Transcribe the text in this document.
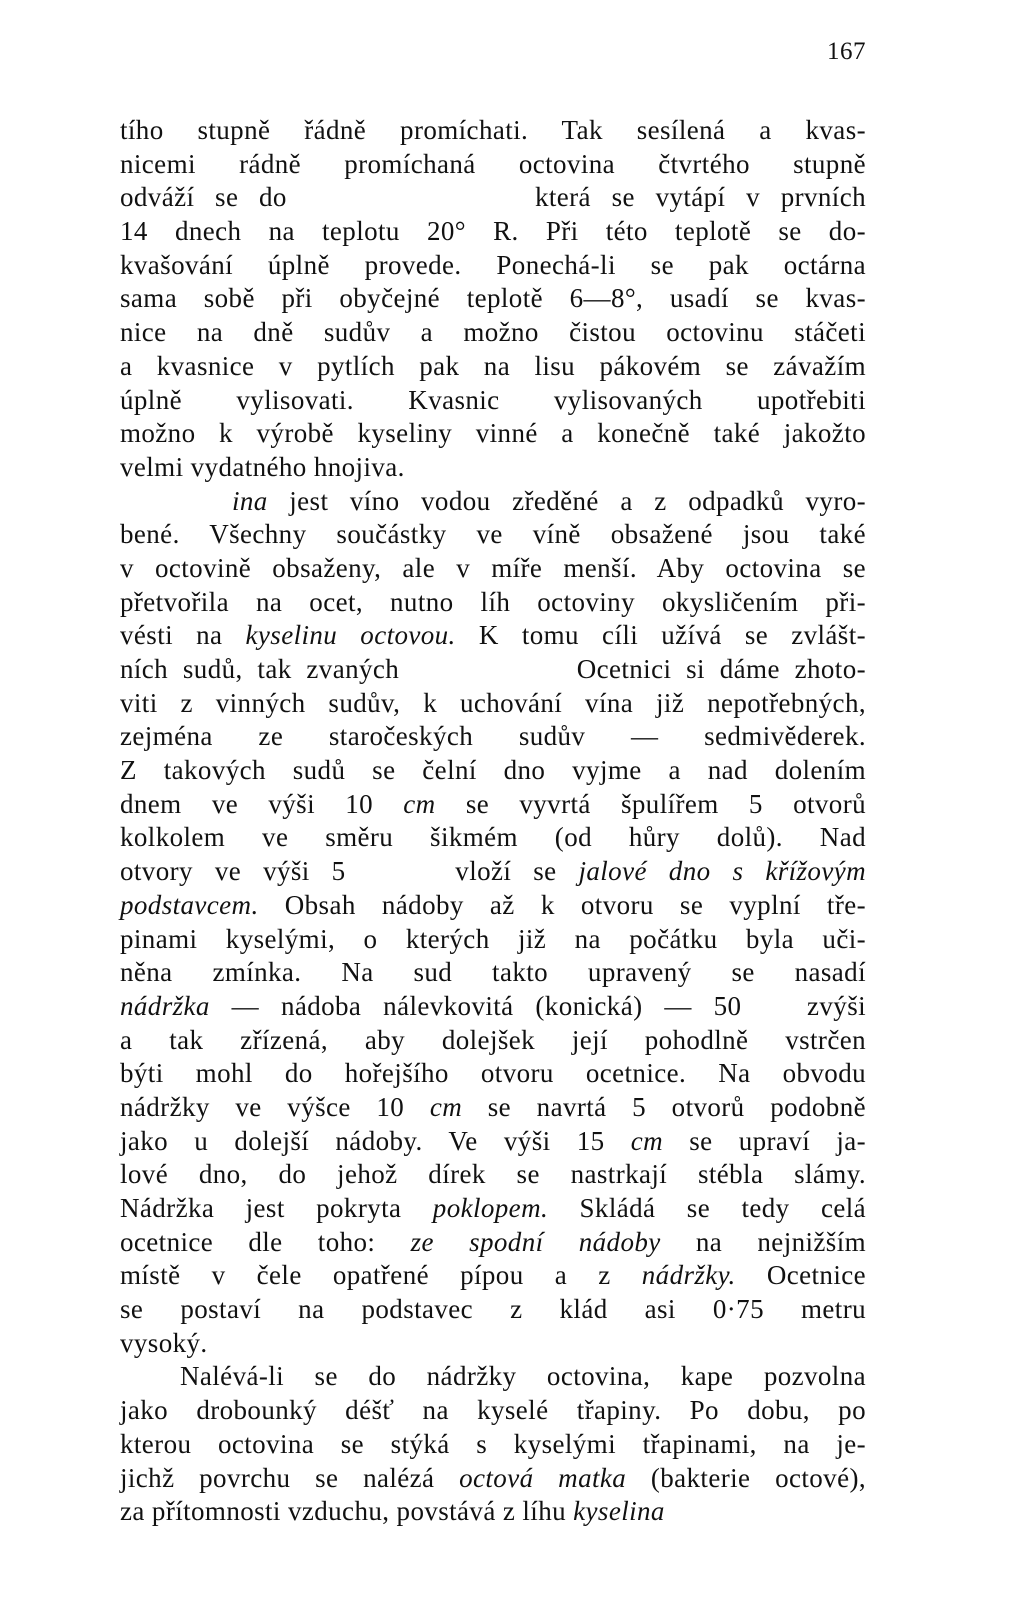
167
tího stupně řádně promíchati. Tak sesílená a kvas-
nicemi rádně promíchaná octovina čtvrtého stupně
odváží se do            která se vytápí v prvních
14 dnech na teplotu 20° R. Při této teplotě se do-
kvašování úplně provede. Ponechá-li se pak octárna
sama sobě při obyčejné teplotě 6—8°, usadí se kvas-
nice na dně sudův a možno čistou octovinu stáčeti
a kvasnice v pytlích pak na lisu pákovém se závažím
úplně vylisovati. Kvasnic vylisovaných upotřebiti
možno k výrobě kyseliny vinné a konečně také jakožto
velmi vydatného hnojiva.
ina jest víno vodou zředěné a z odpadků vyro-
bené. Všechny součástky ve víně obsažené jsou také
v octovině obsaženy, ale v míře menší. Aby octovina se
přetvořila na ocet, nutno líh octoviny okysličením při-
vésti na kyselinu octovou. K tomu cíli užívá se zvlášt-
ních sudů, tak zvaných            Ocetnici si dáme zhoto-
viti z vinných sudův, k uchování vína již nepotřebných,
zejména ze staročeských sudův — sedmivěderek.
Z takových sudů se čelní dno vyjme a nad dolením
dnem ve výši 10 cm se vyvrtá špulířem 5 otvorů
kolkolem ve směru šikmém (od hůry dolů). Nad
otvory ve výši 5     vloží se jalové dno s křížovým
podstavcem. Obsah nádoby až k otvoru se vyplní tře-
pinami kyselými, o kterých již na počátku byla uči-
něna zmínka. Na sud takto upravený se nasadí
nádržka — nádoba nálevkovitá (konická) — 50   zvýši
a tak zřízená, aby dolejšek její pohodlně vstrčen
býti mohl do hořejšího otvoru ocetnice. Na obvodu
nádržky ve výšce 10 cm se navrtá 5 otvorů podobně
jako u dolejší nádoby. Ve výši 15 cm se upraví ja-
lové dno, do jehož dírek se nastrkají stébla slámy.
Nádržka jest pokryta poklopem. Skládá se tedy celá
ocetnice dle toho: ze spodní nádoby na nejnižším
místě v čele opatřené pípou a z nádržky. Ocetnice
se postaví na podstavec z klád asi 0·75 metru
vysoký.
Nalévá-li se do nádržky octovina, kape pozvolna
jako drobounký déšť na kyselé třapiny. Po dobu, po
kterou octovina se stýká s kyselými třapinami, na je-
jichž povrchu se nalézá octová matka (bakterie octové),
za přítomnosti vzduchu, povstává z líhu kyselina
